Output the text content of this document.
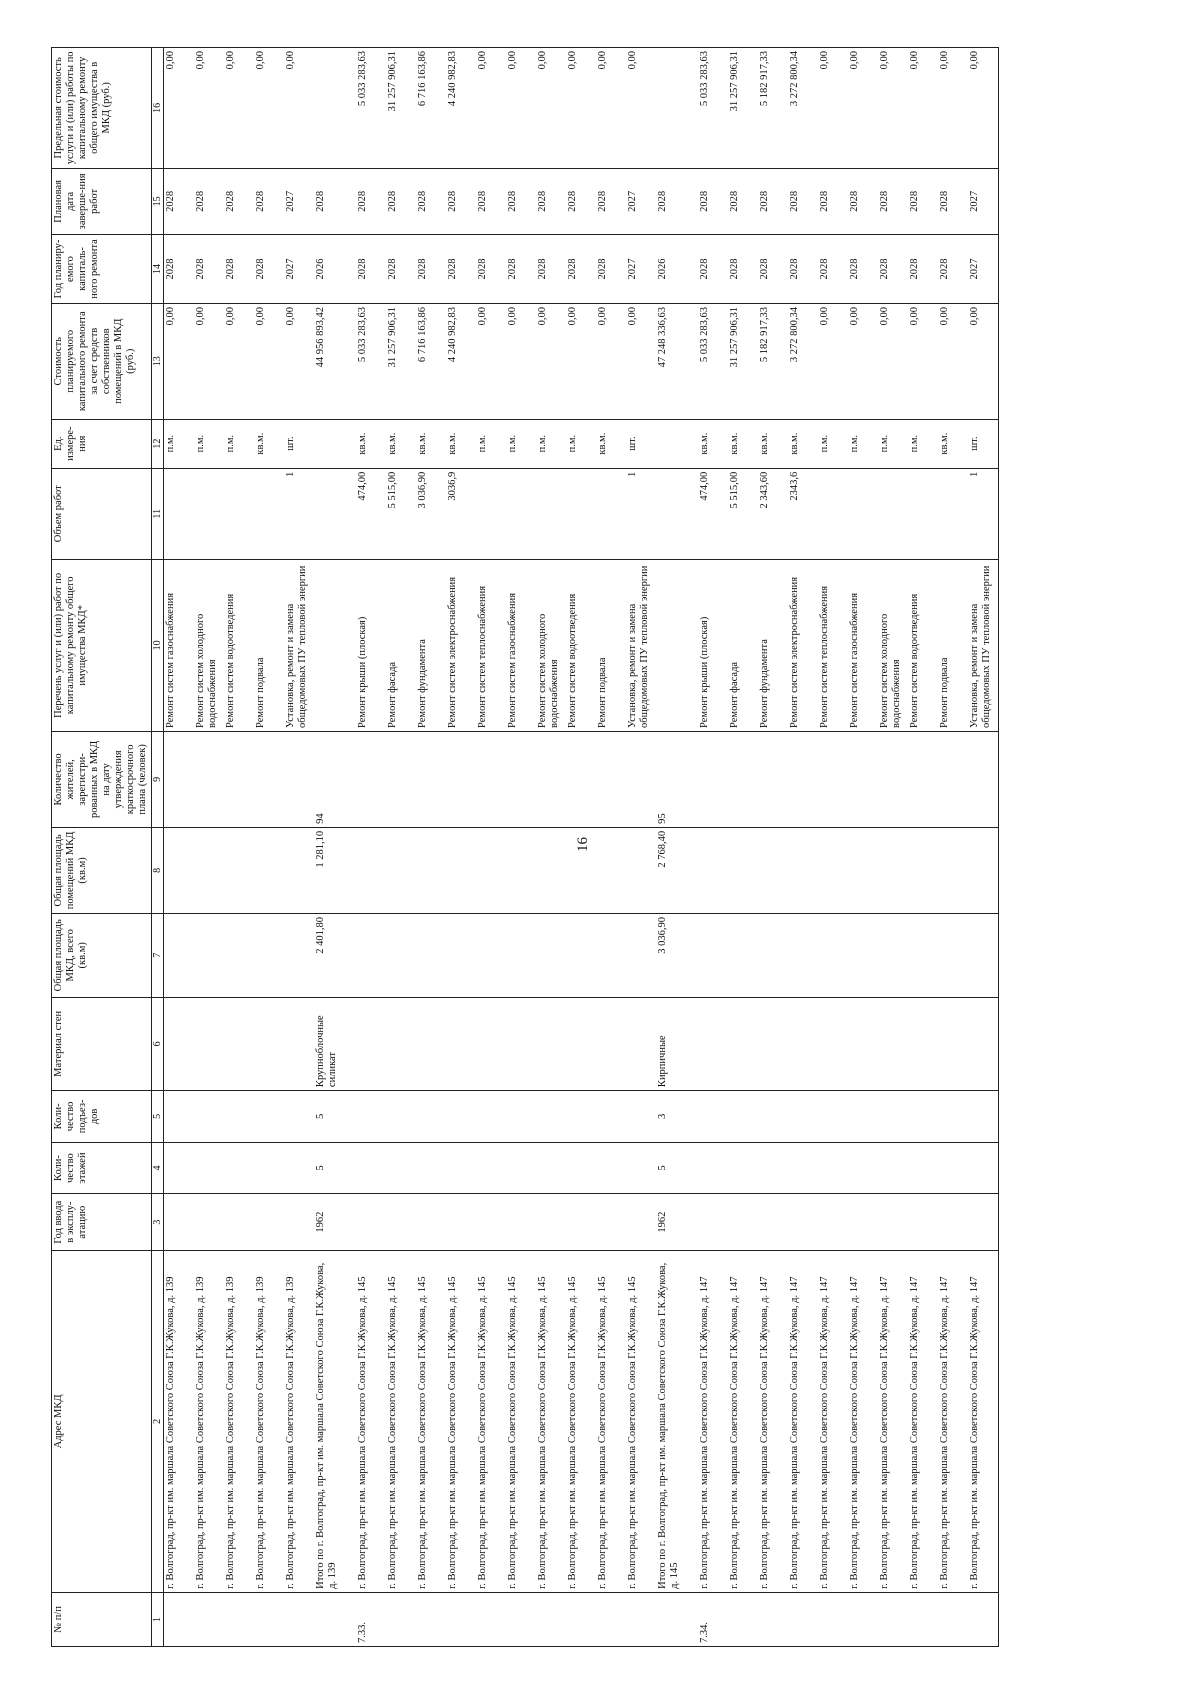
16
№ п/п	Адрес МКД	Год ввода в эксплу-атацию	Коли-чество этажей	Коли-чество подъез-дов	Материал стен	Общая площадь МКД, всего (кв.м)	Общая площадь помещений МКД (кв.м)	Количество жителей, зарегистри-рованных в МКД на дату утверждения краткосрочного плана (человек)	Перечень услуг и (или) работ по капитальному ремонту общего имущества МКД*	Объем работ	Ед. измере-ния	Стоимость планируемого капитального ремонта за счет средств собственников помещений в МКД (руб.)	Год планиру-емого капиталь-ного ремонта	Плановая дата заверше-ния работ	Предельная стоимость услуги и (или) работы по капитальному ремонту общего имущества в МКД (руб.)
1	2	3	4	5	6	7	8	9	10	11	12	13	14	15	16
	г. Волгоград, пр-кт им. маршала Советского Союза Г.К.Жукова, д. 139								Ремонт систем газоснабжения		п.м.	0,00	2028	2028	0,00
	г. Волгоград, пр-кт им. маршала Советского Союза Г.К.Жукова, д. 139								Ремонт систем холодного водоснабжения		п.м.	0,00	2028	2028	0,00
	г. Волгоград, пр-кт им. маршала Советского Союза Г.К.Жукова, д. 139								Ремонт систем водоотведения		п.м.	0,00	2028	2028	0,00
	г. Волгоград, пр-кт им. маршала Советского Союза Г.К.Жукова, д. 139								Ремонт подвала		кв.м.	0,00	2028	2028	0,00
	г. Волгоград, пр-кт им. маршала Советского Союза Г.К.Жукова, д. 139								Установка, ремонт и замена общедомовых ПУ тепловой энергии	1	шт.	0,00	2027	2027	0,00
	Итого по г. Волгоград, пр-кт им. маршала Советского Союза Г.К.Жукова, д. 139	1962	5	5	Крупноблочные силикат	2 401,80	1 281,10	94				44 956 893,42	2026	2028	
7.33.	г. Волгоград, пр-кт им. маршала Советского Союза Г.К.Жукова, д. 145								Ремонт крыши (плоская)	474,00	кв.м.	5 033 283,63	2028	2028	5 033 283,63
	г. Волгоград, пр-кт им. маршала Советского Союза Г.К.Жукова, д. 145								Ремонт фасада	5 515,00	кв.м.	31 257 906,31	2028	2028	31 257 906,31
	г. Волгоград, пр-кт им. маршала Советского Союза Г.К.Жукова, д. 145								Ремонт фундамента	3 036,90	кв.м.	6 716 163,86	2028	2028	6 716 163,86
	г. Волгоград, пр-кт им. маршала Советского Союза Г.К.Жукова, д. 145								Ремонт систем электроснабжения	3036,9	кв.м.	4 240 982,83	2028	2028	4 240 982,83
	г. Волгоград, пр-кт им. маршала Советского Союза Г.К.Жукова, д. 145								Ремонт систем теплоснабжения		п.м.	0,00	2028	2028	0,00
	г. Волгоград, пр-кт им. маршала Советского Союза Г.К.Жукова, д. 145								Ремонт систем газоснабжения		п.м.	0,00	2028	2028	0,00
	г. Волгоград, пр-кт им. маршала Советского Союза Г.К.Жукова, д. 145								Ремонт систем холодного водоснабжения		п.м.	0,00	2028	2028	0,00
	г. Волгоград, пр-кт им. маршала Советского Союза Г.К.Жукова, д. 145								Ремонт систем водоотведения		п.м.	0,00	2028	2028	0,00
	г. Волгоград, пр-кт им. маршала Советского Союза Г.К.Жукова, д. 145								Ремонт подвала		кв.м.	0,00	2028	2028	0,00
	г. Волгоград, пр-кт им. маршала Советского Союза Г.К.Жукова, д. 145								Установка, ремонт и замена общедомовых ПУ тепловой энергии	1	шт.	0,00	2027	2027	0,00
	Итого по г. Волгоград, пр-кт им. маршала Советского Союза Г.К.Жукова, д. 145	1962	5	3	Кирпичные	3 036,90	2 768,40	95				47 248 336,63	2026	2028	
7.34.	г. Волгоград, пр-кт им. маршала Советского Союза Г.К.Жукова, д. 147								Ремонт крыши (плоская)	474,00	кв.м.	5 033 283,63	2028	2028	5 033 283,63
	г. Волгоград, пр-кт им. маршала Советского Союза Г.К.Жукова, д. 147								Ремонт фасада	5 515,00	кв.м.	31 257 906,31	2028	2028	31 257 906,31
	г. Волгоград, пр-кт им. маршала Советского Союза Г.К.Жукова, д. 147								Ремонт фундамента	2 343,60	кв.м.	5 182 917,33	2028	2028	5 182 917,33
	г. Волгоград, пр-кт им. маршала Советского Союза Г.К.Жукова, д. 147								Ремонт систем электроснабжения	2343,6	кв.м.	3 272 800,34	2028	2028	3 272 800,34
	г. Волгоград, пр-кт им. маршала Советского Союза Г.К.Жукова, д. 147								Ремонт систем теплоснабжения		п.м.	0,00	2028	2028	0,00
	г. Волгоград, пр-кт им. маршала Советского Союза Г.К.Жукова, д. 147								Ремонт систем газоснабжения		п.м.	0,00	2028	2028	0,00
	г. Волгоград, пр-кт им. маршала Советского Союза Г.К.Жукова, д. 147								Ремонт систем холодного водоснабжения		п.м.	0,00	2028	2028	0,00
	г. Волгоград, пр-кт им. маршала Советского Союза Г.К.Жукова, д. 147								Ремонт систем водоотведения		п.м.	0,00	2028	2028	0,00
	г. Волгоград, пр-кт им. маршала Советского Союза Г.К.Жукова, д. 147								Ремонт подвала		кв.м.	0,00	2028	2028	0,00
	г. Волгоград, пр-кт им. маршала Советского Союза Г.К.Жукова, д. 147								Установка, ремонт и замена общедомовых ПУ тепловой энергии	1	шт.	0,00	2027	2027	0,00
